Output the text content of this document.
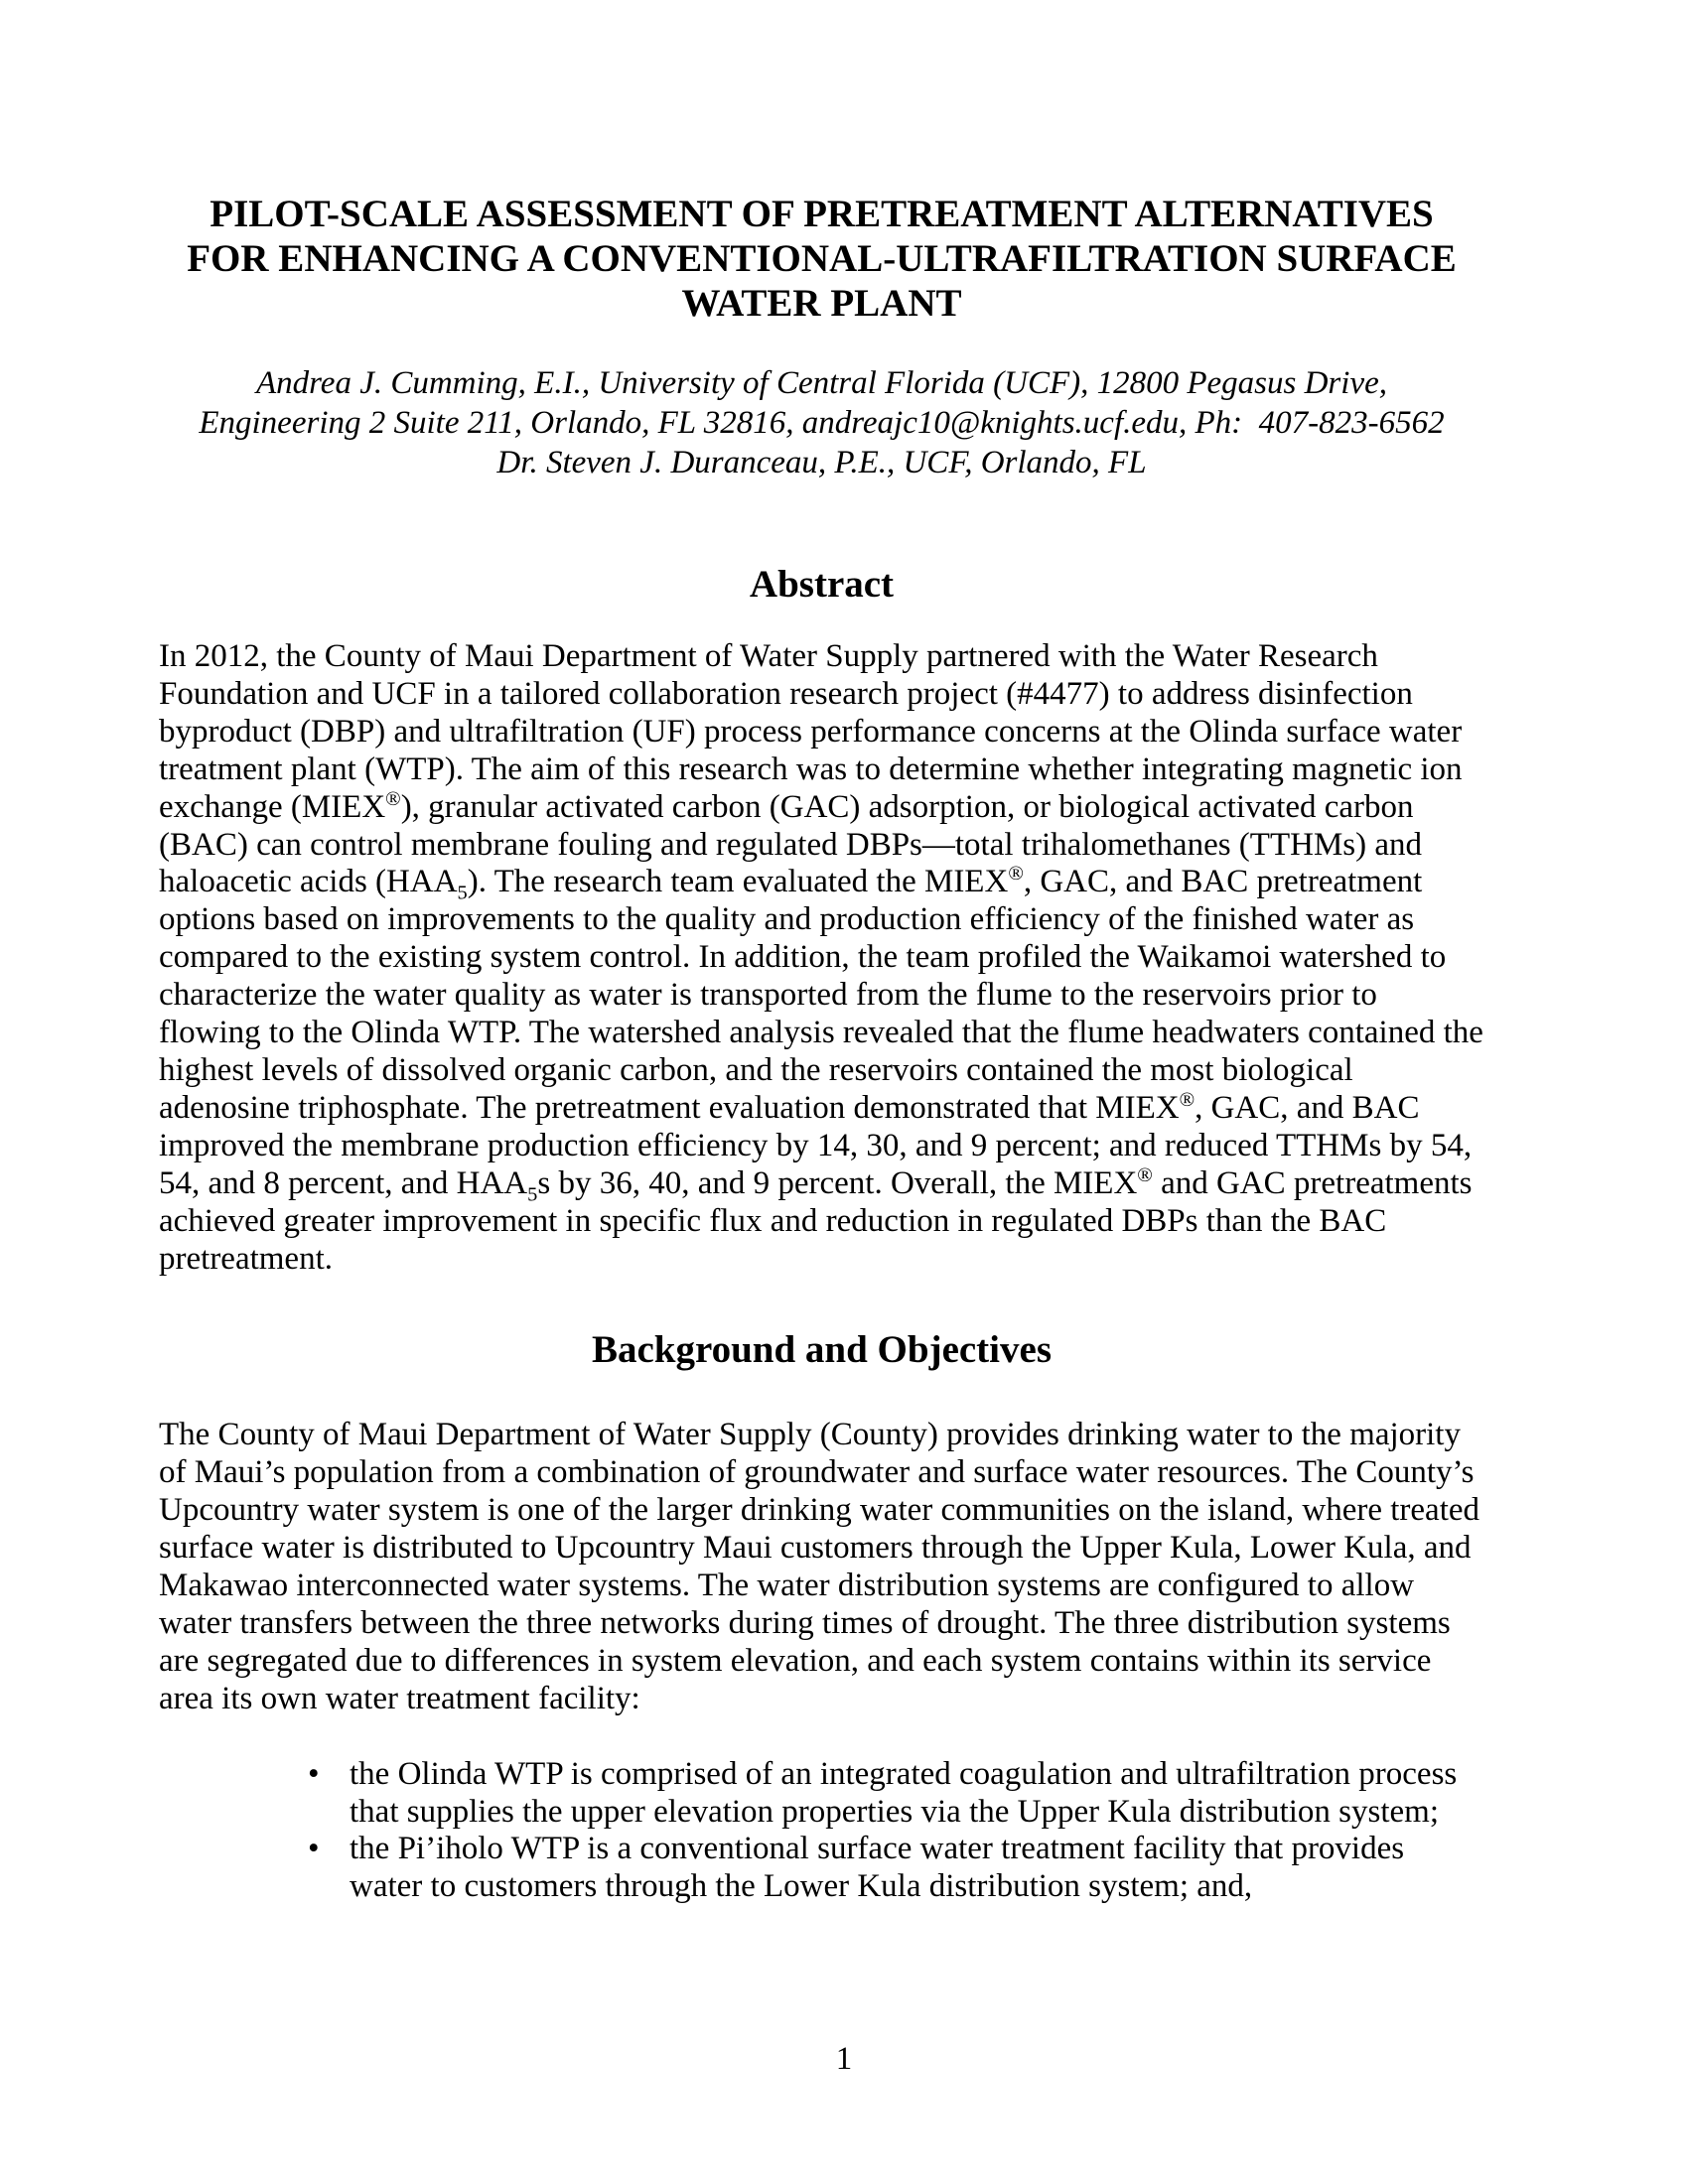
PILOT-SCALE ASSESSMENT OF PRETREATMENT ALTERNATIVES
FOR ENHANCING A CONVENTIONAL-ULTRAFILTRATION SURFACE
WATER PLANT
Andrea J. Cumming, E.I., University of Central Florida (UCF), 12800 Pegasus Drive,
Engineering 2 Suite 211, Orlando, FL 32816, andreajc10@knights.ucf.edu, Ph:  407-823-6562
Dr. Steven J. Duranceau, P.E., UCF, Orlando, FL
Abstract

In 2012, the County of Maui Department of Water Supply partnered with the Water Research Foundation and UCF in a tailored collaboration research project (#4477) to address disinfection byproduct (DBP) and ultrafiltration (UF) process performance concerns at the Olinda surface water treatment plant (WTP). The aim of this research was to determine whether integrating magnetic ion exchange (MIEX®), granular activated carbon (GAC) adsorption, or biological activated carbon (BAC) can control membrane fouling and regulated DBPs—total trihalomethanes (TTHMs) and haloacetic acids $(HAA_5)$. The research team evaluated the MIEX®, GAC, and BAC pretreatment options based on improvements to the quality and production efficiency of the finished water as compared to the existing system control. In addition, the team profiled the Waikamoi watershed to characterize the water quality as water is transported from the flume to the reservoirs prior to flowing to the Olinda WTP. The watershed analysis revealed that the flume headwaters contained the highest levels of dissolved organic carbon, and the reservoirs contained the most biological adenosine triphosphate. The pretreatment evaluation demonstrated that MIEX®, GAC, and BAC improved the membrane production efficiency by 14, 30, and 9 percent; and reduced TTHMs by 54, 54, and 8 percent, and $HAA_5s$ by 36, 40, and 9 percent. Overall, the MIEX® and GAC pretreatments achieved greater improvement in specific flux and reduction in regulated DBPs than the BAC pretreatment.

Background and Objectives

The County of Maui Department of Water Supply (County) provides drinking water to the majority of Maui’s population from a combination of groundwater and surface water resources. The County’s Upcountry water system is one of the larger drinking water communities on the island, where treated surface water is distributed to Upcountry Maui customers through the Upper Kula, Lower Kula, and Makawao interconnected water systems. The water distribution systems are configured to allow water transfers between the three networks during times of drought. The three distribution systems are segregated due to differences in system elevation, and each system contains within its service area its own water treatment facility:

• the Olinda WTP is comprised of an integrated coagulation and ultrafiltration process that supplies the upper elevation properties via the Upper Kula distribution system;
• the Pi’iholo WTP is a conventional surface water treatment facility that provides water to customers through the Lower Kula distribution system; and,
1
